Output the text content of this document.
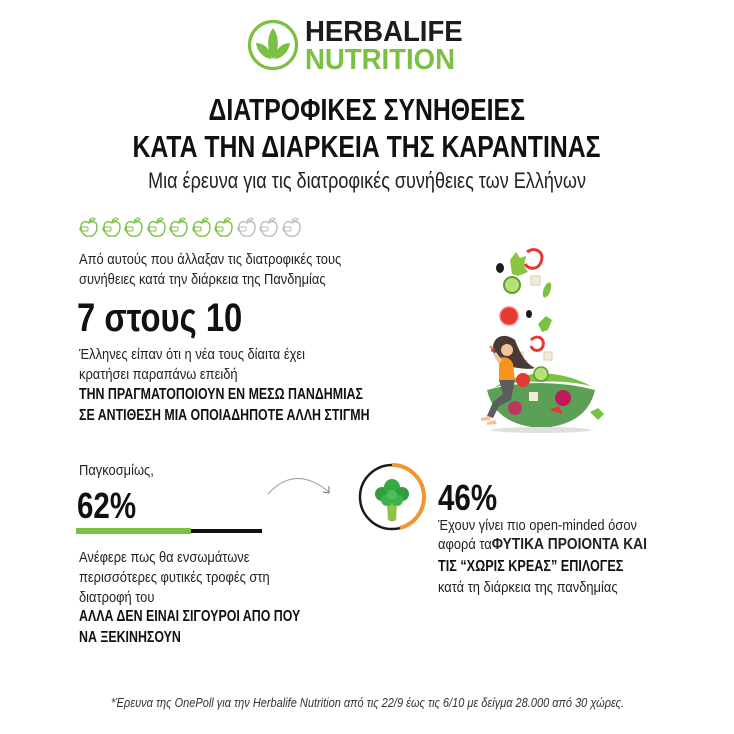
HERBALIFE
NUTRITION
ΔΙΑΤΡΟΦΙΚΕΣ ΣΥΝΗΘΕΙΕΣ
ΚΑΤΑ ΤΗΝ ΔΙΑΡΚΕΙΑ ΤΗΣ ΚΑΡΑΝΤΙΝΑΣ
Μια έρευνα για τις διατροφικές συνήθειες των Ελλήνων
Από αυτούς που άλλαξαν τις διατροφικές τους
συνήθειες κατά την διάρκεια της Πανδημίας
7 στους 10
Έλληνες είπαν ότι η νέα τους δίαιτα έχει
κρατήσει παραπάνω επειδή
ΤΗΝ ΠΡΑΓΜΑΤΟΠΟΙΟΥΝ ΕΝ ΜΕΣΩ ΠΑΝΔΗΜΙΑΣ
ΣΕ ΑΝΤΙΘΕΣΗ ΜΙΑ ΟΠΟΙΑΔΗΠΟΤΕ ΑΛΛΗ ΣΤΙΓΜΗ
Παγκοσμίως,
62%
Ανέφερε πως θα ενσωμάτωνε
περισσότερες φυτικές τροφές στη
διατροφή του
ΑΛΛΑ ΔΕΝ ΕΙΝΑΙ ΣΙΓΟΥΡΟΙ ΑΠΟ ΠΟΥ
ΝΑ ΞΕΚΙΝΗΣΟΥΝ
46%
Έχουν γίνει πιο open-minded όσον
αφορά ταΦΥΤΙΚΑ ΠΡΟΙΟΝΤΑ ΚΑΙ
ΤΙΣ “ΧΩΡΙΣ ΚΡΕΑΣ” ΕΠΙΛΟΓΕΣ
κατά τη διάρκεια της πανδημίας
*Έρευνα της OnePoll για την Herbalife Nutrition από τις 22/9 έως τις 6/10 με δείγμα 28.000 από 30 χώρες.
